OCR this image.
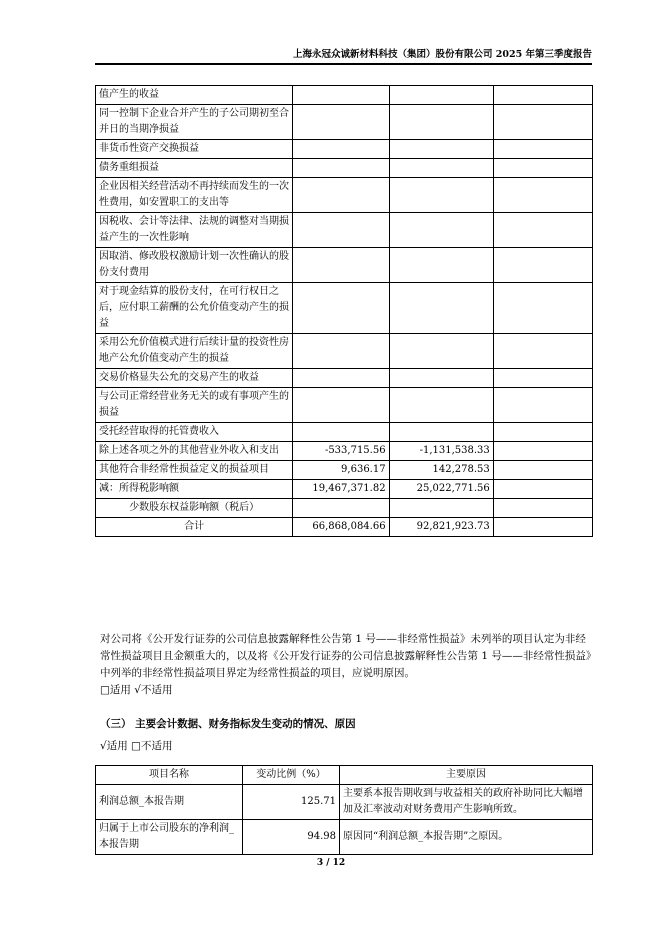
上海永冠众诚新材料科技（集团）股份有限公司 2025 年第三季度报告
值产生的收益			
同一控制下企业合并产生的子公司期初至合并日的当期净损益			
非货币性资产交换损益			
债务重组损益			
企业因相关经营活动不再持续而发生的一次性费用，如安置职工的支出等			
因税收、会计等法律、法规的调整对当期损益产生的一次性影响			
因取消、修改股权激励计划一次性确认的股份支付费用			
对于现金结算的股份支付，在可行权日之后，应付职工薪酬的公允价值变动产生的损益			
采用公允价值模式进行后续计量的投资性房地产公允价值变动产生的损益			
交易价格显失公允的交易产生的收益			
与公司正常经营业务无关的或有事项产生的损益			
受托经营取得的托管费收入			
除上述各项之外的其他营业外收入和支出	-533,715.56	-1,131,538.33	
其他符合非经常性损益定义的损益项目	9,636.17	142,278.53	
减：所得税影响额	19,467,371.82	25,022,771.56	
少数股东权益影响额（税后）			
合计	66,868,084.66	92,821,923.73	
对公司将《公开发行证券的公司信息披露解释性公告第 1 号——非经常性损益》未列举的项目认定为非经常性损益项目且金额重大的，以及将《公开发行证券的公司信息披露解释性公告第 1 号——非经常性损益》中列举的非经常性损益项目界定为经常性损益的项目，应说明原因。
□适用 √不适用
（三） 主要会计数据、财务指标发生变动的情况、原因
√适用 □不适用
项目名称	变动比例（%）	主要原因
利润总额_本报告期	125.71	主要系本报告期收到与收益相关的政府补助同比大幅增加及汇率波动对财务费用产生影响所致。
归属于上市公司股东的净利润_本报告期	94.98	原因同“利润总额_本报告期”之原因。
3 / 12
